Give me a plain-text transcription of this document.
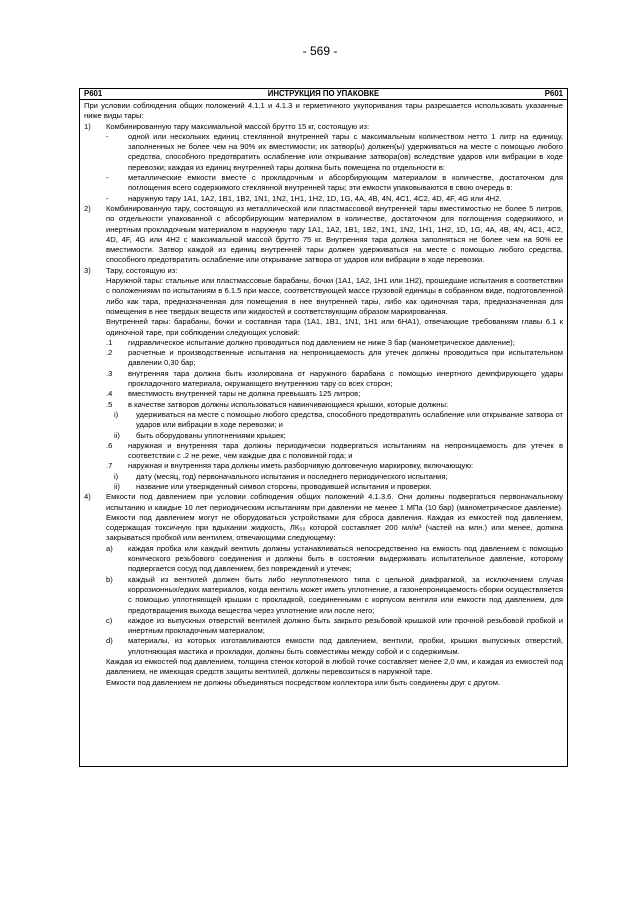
- 569 -
P601	ИНСТРУКЦИЯ ПО УПАКОВКЕ	P601

При условии соблюдения общих положений 4.1.1 и 4.1.3 и герметичного укупоривания тары разрешается использовать указанные ниже виды тары:

1)	Комбинированную тару максимальной массой брутто 15 кг, состоящую из:
-	одной или нескольких единиц стеклянной внутренней тары с максимальным количеством нетто 1 литр на единицу, заполненных не более чем на 90% их вместимости; их затвор(ы) должен(ы) удерживаться на месте с помощью любого средства, способного предотвратить ослабление или открывание затвора(ов) вследствие ударов или вибрации в ходе перевозки; каждая из единиц внутренней тары должна быть помещена по отдельности в:
-	металлические емкости вместе с прокладочным и абсорбирующим материалом в количестве, достаточном для поглощения всего содержимого стеклянной внутренней тары; эти емкости упаковываются в свою очередь в:
-	наружную тару 1A1, 1A2, 1B1, 1B2, 1N1, 1N2, 1H1, 1H2, 1D, 1G, 4A, 4B, 4N, 4C1, 4C2, 4D, 4F, 4G или 4H2.
2)	Комбинированную тару, состоящую из металлической или пластмассовой внутренней тары вместимостью не более 5 литров, по отдельности упакованной с абсорбирующим материалом в количестве, достаточном для поглощения содержимого, и инертным прокладочным материалом в наружную тару 1A1, 1A2, 1B1, 1B2, 1N1, 1N2, 1H1, 1H2, 1D, 1G, 4A, 4B, 4N, 4C1, 4C2, 4D, 4F, 4G или 4H2 с максимальной массой брутто 75 кг. Внутренняя тара должна заполняться не более чем на 90% ее вместимости. Затвор каждой из единиц внутренней тары должен удерживаться на месте с помощью любого средства, способного предотвратить ослабление или открывание затвора от ударов или вибрации в ходе перевозки.
3)	Тару, состоящую из:

Наружной тары: стальные или пластмассовые барабаны, бочки (1A1, 1A2, 1H1 или 1H2), прошедшие испытания в соответствии с положениями по испытаниям в 6.1.5 при массе, соответствующей массе грузовой единицы в собранном виде, подготовленной либо как тара, предназначенная для помещения в нее внутренней тары, либо как одиночная тара, предназначенная для помещения в нее твердых веществ или жидкостей и соответствующим образом маркированная.

Внутренней тары: барабаны, бочки и составная тара (1A1, 1B1, 1N1, 1H1 или 6HA1), отвечающие требованиям главы 6.1 к одиночной таре, при соблюдении следующих условий:

.1	гидравлическое испытание должно проводиться под давлением не ниже 3 бар (манометрическое давление);
.2	расчетные и производственные испытания на непроницаемость для утечек должны проводиться при испытательном давлении 0,30 бар;
.3	внутренняя тара должна быть изолирована от наружного барабана с помощью инертного демпфирующего удары прокладочного материала, окружающего внутреннюю тару со всех сторон;
.4	вместимость внутренней тары не должна превышать 125 литров;
.5	в качестве затворов должны использоваться навинчивающиеся крышки, которые должны:
i)	удерживаться на месте с помощью любого средства, способного предотвратить ослабление или открывание затвора от ударов или вибрации в ходе перевозки; и
ii)	быть оборудованы уплотнениями крышек;
.6	наружная и внутренняя тара должны периодически подвергаться испытаниям на непроницаемость для утечек в соответствии с .2 не реже, чем каждые два с половиной года; и
.7	наружная и внутренняя тара должны иметь разборчивую долговечную маркировку, включающую:
i)	дату (месяц, год) первоначального испытания и последнего периодического испытания;
ii)	название или утвержденный символ стороны, проводившей испытания и проверки.
4)	Емкости под давлением при условии соблюдения общих положений 4.1.3.6. Они должны подвергаться первоначальному испытанию и каждые 10 лет периодическим испытаниям при давлении не менее 1 МПа (10 бар) (манометрическое давление). Емкости под давлением могут не оборудоваться устройствами для сброса давления. Каждая из емкостей под давлением, содержащая токсичную при вдыхании жидкость, ЛК₅₀ которой составляет 200 мл/м³ (частей на млн.) или менее, должна закрываться пробкой или вентилем, отвечающими следующему:
a)	каждая пробка или каждый вентиль должны устанавливаться непосредственно на емкость под давлением с помощью конического резьбового соединения и должны быть в состоянии выдерживать испытательное давление, которому подвергается сосуд под давлением, без повреждений и утечек;
b)	каждый из вентилей должен быть либо неуплотняемого типа с цельной диафрагмой, за исключением случая коррозионных/едких материалов, когда вентиль может иметь уплотнение, а газонепроницаемость сборки осуществляется с помощью уплотняющей крышки с прокладкой, соединенными с корпусом вентиля или емкости под давлением, для предотвращения выхода вещества через уплотнение или после него;
c)	каждое из выпускных отверстий вентилей должно быть закрыто резьбовой крышкой или прочной резьбовой пробкой и инертным прокладочным материалом;
d)	материалы, из которых изготавливаются емкости под давлением, вентили, пробки, крышки выпускных отверстий, уплотняющая мастика и прокладки, должны быть совместимы между собой и с содержимым.

Каждая из емкостей под давлением, толщина стенок которой в любой точке составляет менее 2,0 мм, и каждая из емкостей под давлением, не имеющая средств защиты вентилей, должны перевозиться в наружной таре.

Емкости под давлением не должны объединяться посредством коллектора или быть соединены друг с другом.
